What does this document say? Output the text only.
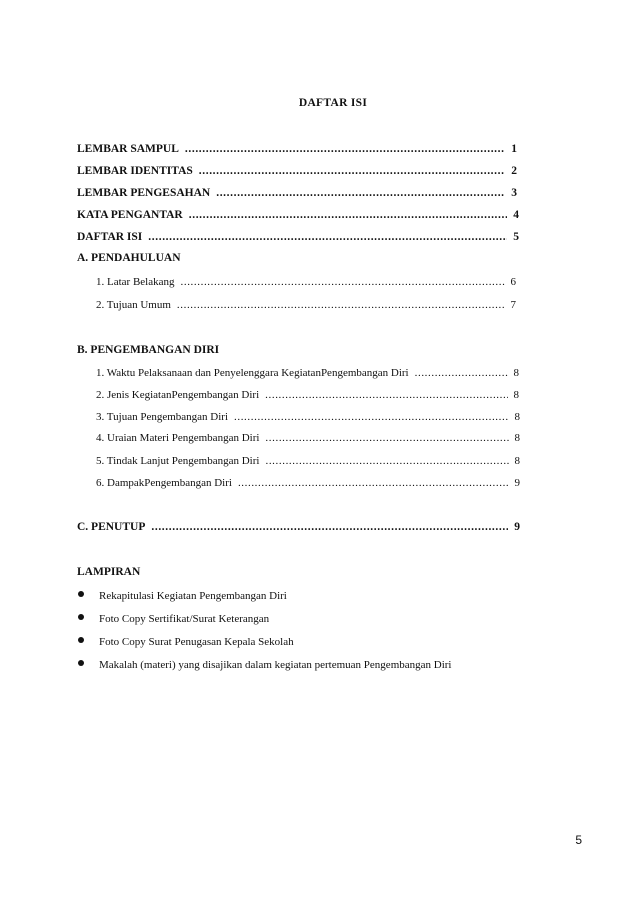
DAFTAR ISI
LEMBAR SAMPUL .....	1
LEMBAR IDENTITAS .....	2
LEMBAR PENGESAHAN .....	3
KATA PENGANTAR .....	4
DAFTAR ISI .....	5
A. PENDAHULUAN
1. Latar Belakang .....	6
2. Tujuan Umum .....	7
B. PENGEMBANGAN DIRI
1. Waktu Pelaksanaan dan Penyelenggara KegiatanPengembangan Diri .....	8
2. Jenis KegiatanPengembangan Diri .....	8
3. Tujuan Pengembangan Diri .....	8
4. Uraian Materi Pengembangan Diri .....	8
5. Tindak Lanjut Pengembangan Diri .....	8
6. DampakPengembangan Diri .....	9
C. PENUTUP .....	9
LAMPIRAN
Rekapitulasi Kegiatan Pengembangan Diri
Foto Copy Sertifikat/Surat Keterangan
Foto Copy Surat Penugasan Kepala Sekolah
Makalah (materi) yang disajikan dalam kegiatan pertemuan Pengembangan Diri
5
